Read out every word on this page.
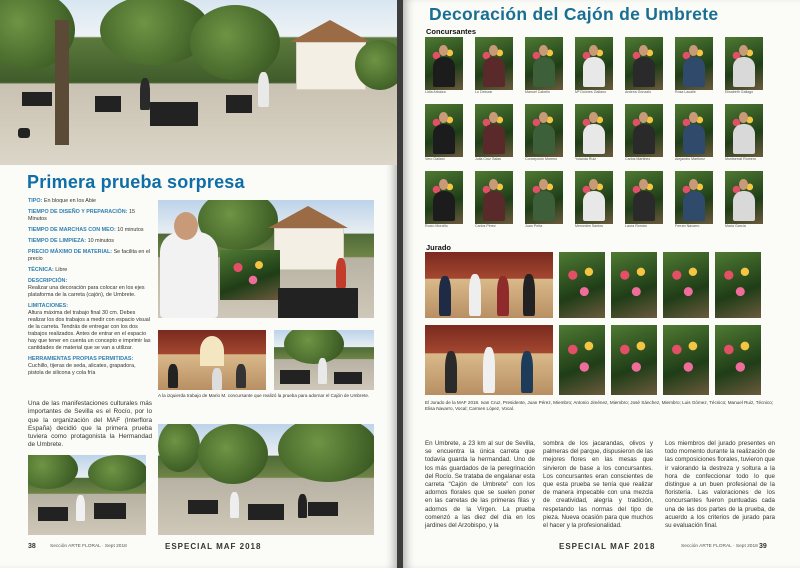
Primera prueba sorpresa
TIPO: En bloque en los Abie
TIEMPO DE DISEÑO Y PREPARACIÓN: 15 Minutos
TIEMPO DE MARCHAS CON MEO: 10 minutos
TIEMPO DE LIMPIEZA: 10 minutos
PRECIO MÁXIMO DE MATERIAL: Se facilita en el precio
TÉCNICA: Libre
DESCRIPCIÓN:
Realizar una decoración para colocar en los ejes plataforma de la carreta (cajón), de Umbrete.
LIMITACIONES:
Altura máxima del trabajo final 30 cm. Debes realizar los dos trabajos a medir con espacio visual de la carreta. Tendrás de entregar con los dos trabajos realizados. Antes de entrar en el espacio hay que tener en cuenta un concepto e imprimir las cantidades de material que se van a utilizar.
HERRAMIENTAS PROPIAS PERMITIDAS:
Cuchillo, tijeras de seda, alicates, grapadora, pistola de silicona y cola fría
A la izquierda trabajo de Mario M. concursante que realizó la prueba para adornar el Cajón de Umbrete.
Una de las manifestaciones culturales más importantes de Sevilla es el Rocío, por lo que la organización del MAF (Interflora España) decidió que la primera prueba tuviera como protagonista la Hermandad de Umbrete.
38	Sección ARTE FLORAL · Sept 2018	ESPECIAL MAF 2018
Decoración del Cajón de Umbrete
Concursantes
Lidia Arbaiza	Lu Delozar	Manuel Cabello	Mª Dolores Galiano	Andrea Gonzalo	Rosa Lacalle	Elisabeth Galiago
Vero Galiani	Julia Cruz Salas	Concepción Moreno	Yolanda Ruiz	Carlos Martinez	Alejandro Martinez	Montserrat Romero
Rocío Morcillo	Carlos Pérez	Juan Peña	Mercedes Santos	Laura Román	Ferran Navarro	Maria García
Jurado
El Jurado de la MAF 2018. Ivan Cruz, Presidente, Juan Pérez, Miembro; Antonio Jiménez, Miembro; José Sánchez, Miembro; Luis Gómez, Técnico; Manuel Ruiz, Técnico; Elisa Navarro, Vocal; Carmen López, Vocal.
En Umbrete, a 23 km al sur de Sevilla, se encuentra la única carreta que todavía guarda la hermandad. Uno de los más guardados de la peregrinación del Rocío. Se trataba de engalanar esta carreta “Cajón de Umbrete” con los adornos florales que se suelen poner en las carretas de las primeras filas y adornos de la Virgen. La prueba comenzó a las diez del día en los jardines del Arzobispo, y la
sombra de los jacarandas, olivos y palmeras del parque, dispusieron de las mejores flores en las mesas que sirvieron de base a los concursantes. Los concursantes eran conscientes de que esta prueba se tenía que realizar de manera impecable con una mezcla de creatividad, alegría y tradición, respetando las normas del tipo de pieza. Nueva ocasión para que muchos el hacer y la profesionalidad.
Los miembros del jurado presentes en todo momento durante la realización de las composiciones florales, tuvieron que ir valorando la destreza y soltura a la hora de confeccionar todo lo que distingue a un buen profesional de la floristería. Las valoraciones de los concursantes fueron puntuadas cada una de las dos partes de la prueba, de acuerdo a los criterios de jurado para su evaluación final.
ESPECIAL MAF 2018	Sección ARTE FLORAL · Sept 2018 39
